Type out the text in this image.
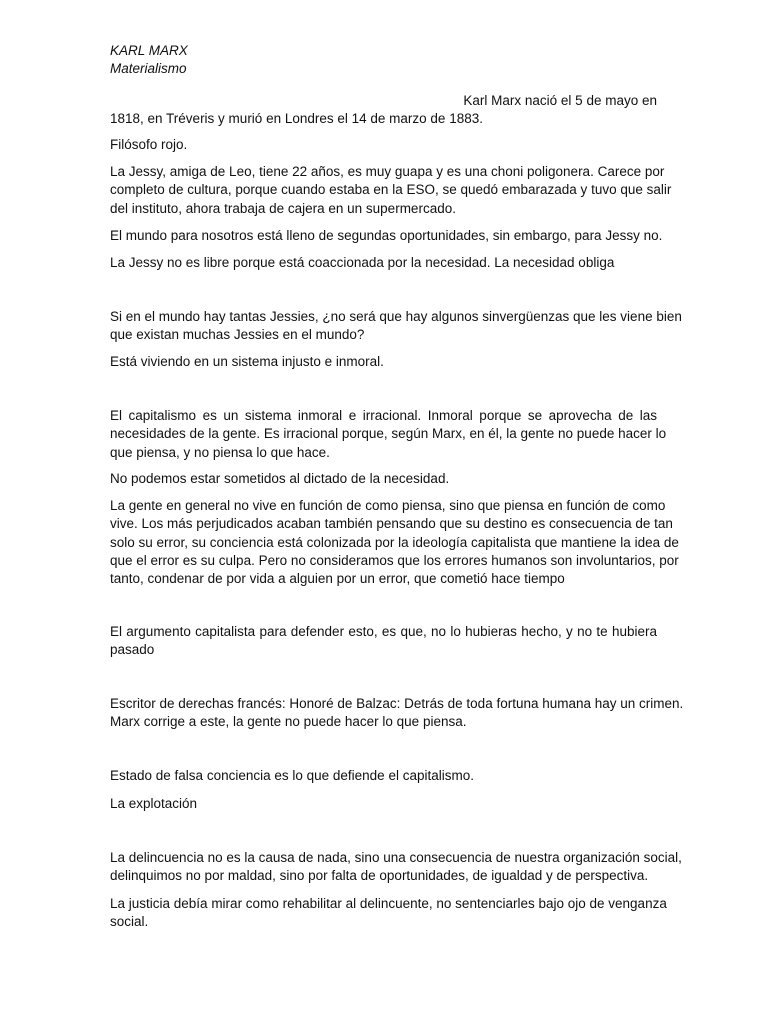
KARL MARX
Materialismo
Karl Marx nació el 5 de mayo en
1818, en Tréveris y murió en Londres el 14 de marzo de 1883.
Filósofo rojo.
La Jessy, amiga de Leo, tiene 22 años, es muy guapa y es una choni poligonera. Carece por
completo de cultura, porque cuando estaba en la ESO, se quedó embarazada y tuvo que salir
del instituto, ahora trabaja de cajera en un supermercado.
El mundo para nosotros está lleno de segundas oportunidades, sin embargo, para Jessy no.
La Jessy no es libre porque está coaccionada por la necesidad. La necesidad obliga
Si en el mundo hay tantas Jessies, ¿no será que hay algunos sinvergüenzas que les viene bien
que existan muchas Jessies en el mundo?
Está viviendo en un sistema injusto e inmoral.
El capitalismo es un sistema inmoral e irracional. Inmoral porque se aprovecha de las
necesidades de la gente. Es irracional porque, según Marx, en él, la gente no puede hacer lo
que piensa, y no piensa lo que hace.
No podemos estar sometidos al dictado de la necesidad.
La gente en general no vive en función de como piensa, sino que piensa en función de como
vive. Los más perjudicados acaban también pensando que su destino es consecuencia de tan
solo su error, su conciencia está colonizada por la ideología capitalista que mantiene la idea de
que el error es su culpa. Pero no consideramos que los errores humanos son involuntarios, por
tanto, condenar de por vida a alguien por un error, que cometió hace tiempo
El argumento capitalista para defender esto, es que, no lo hubieras hecho, y no te hubiera
pasado
Escritor de derechas francés: Honoré de Balzac: Detrás de toda fortuna humana hay un crimen.
Marx corrige a este, la gente no puede hacer lo que piensa.
Estado de falsa conciencia es lo que defiende el capitalismo.
La explotación
La delincuencia no es la causa de nada, sino una consecuencia de nuestra organización social,
delinquimos no por maldad, sino por falta de oportunidades, de igualdad y de perspectiva.
La justicia debía mirar como rehabilitar al delincuente, no sentenciarles bajo ojo de venganza
social.
